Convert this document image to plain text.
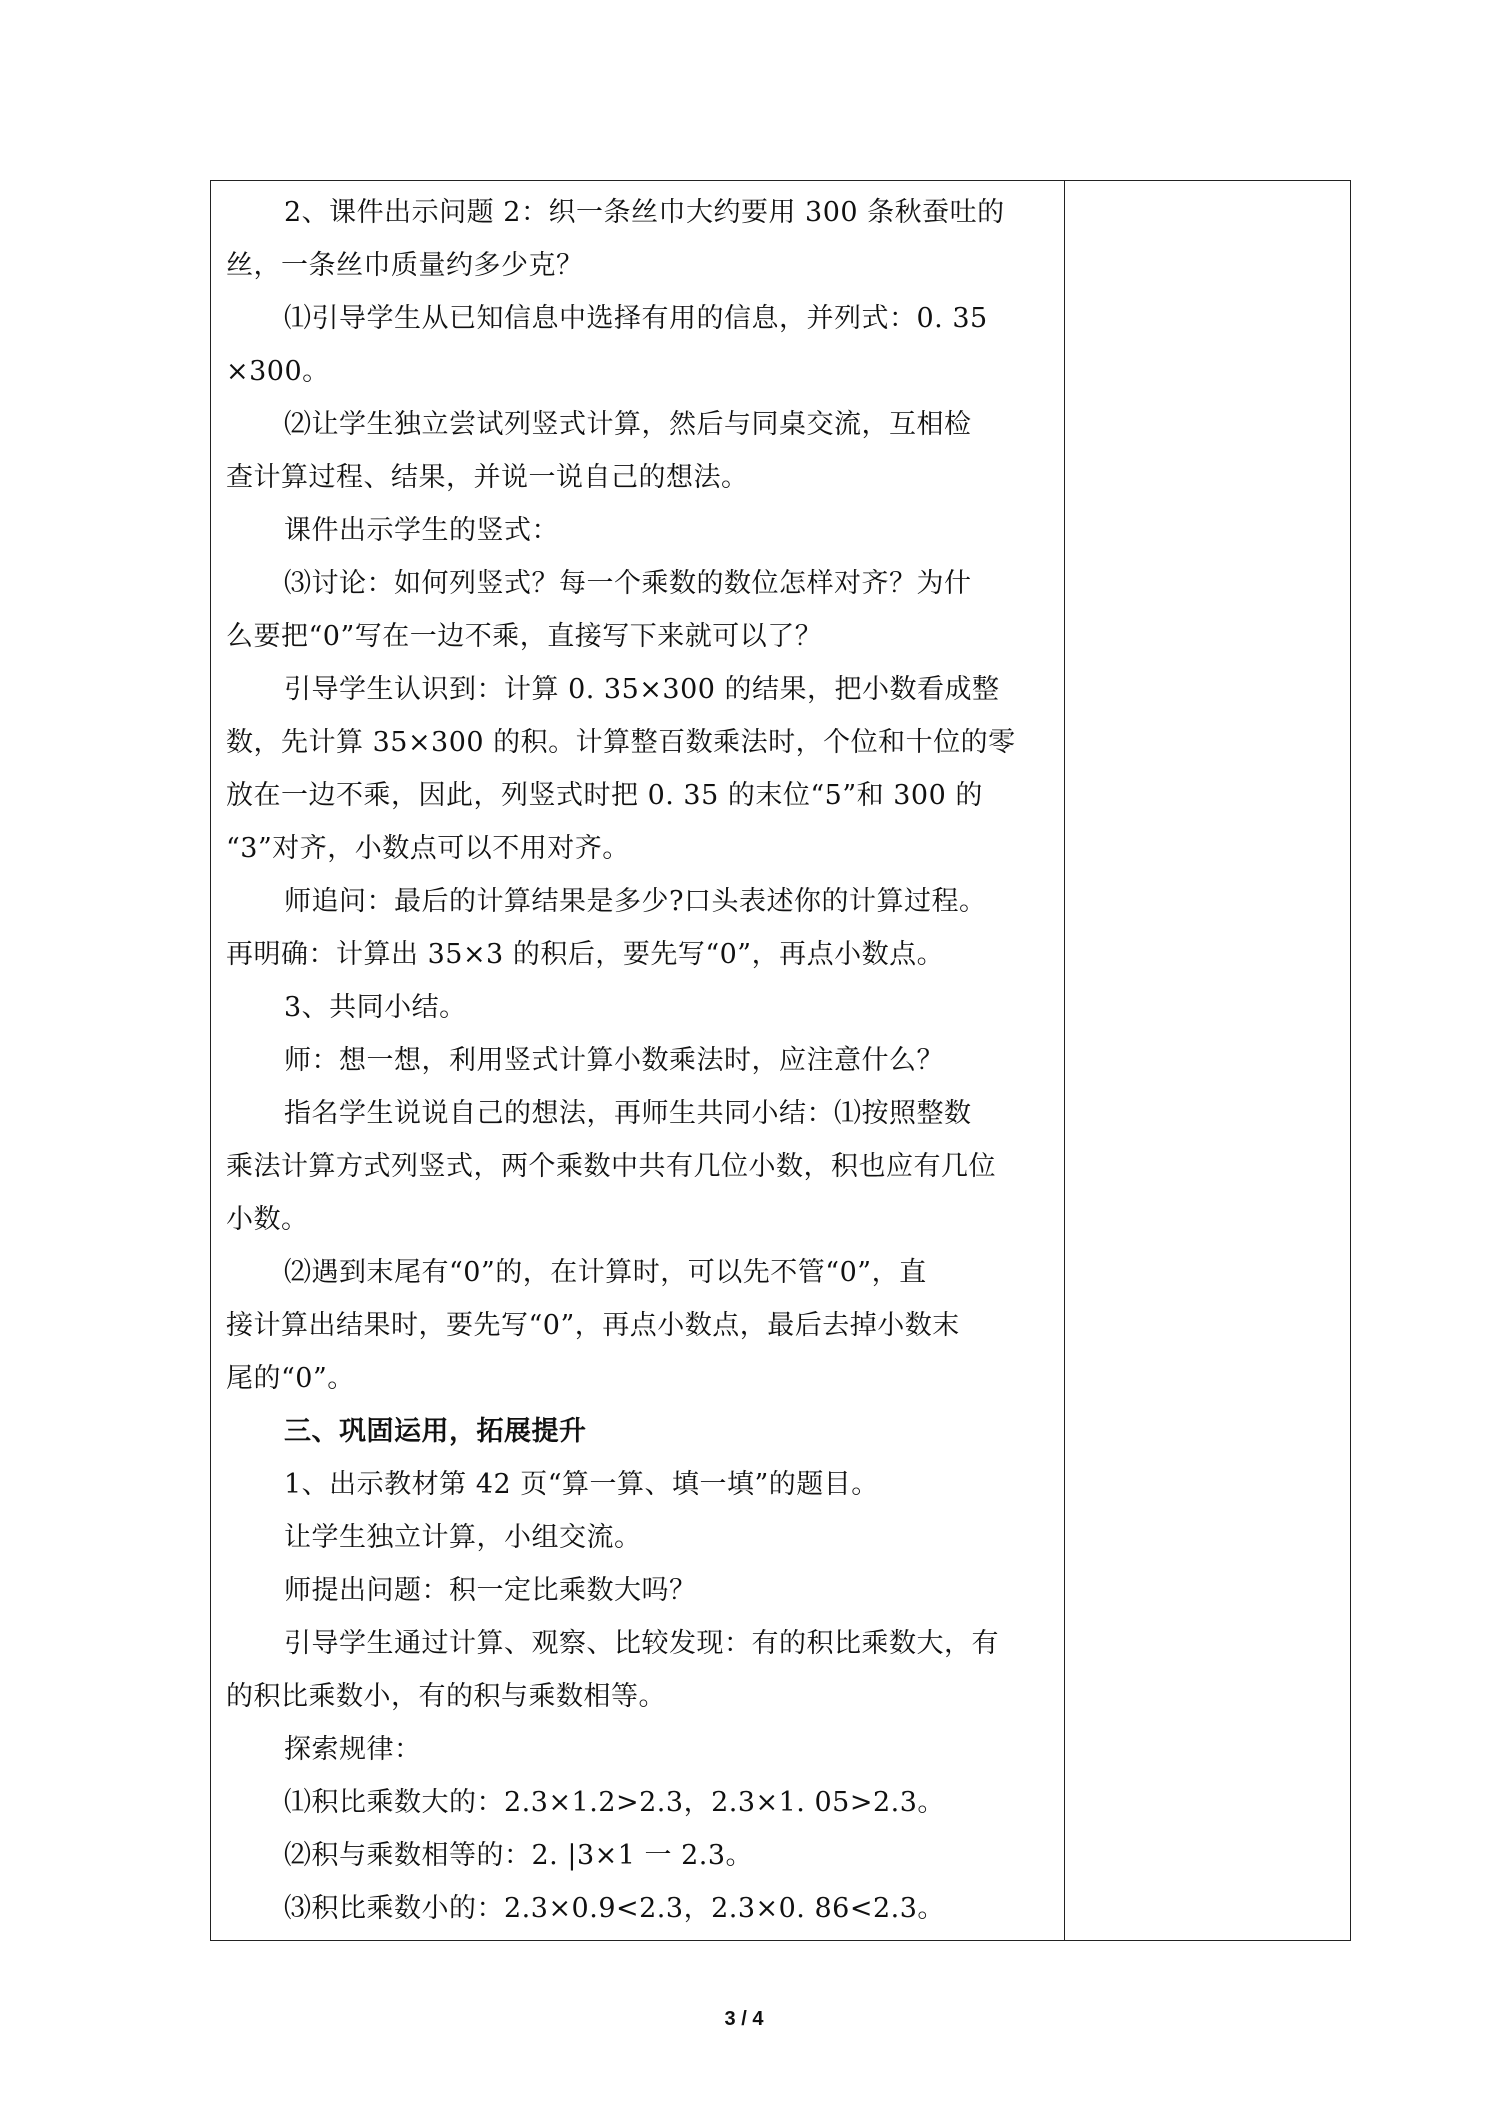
2、课件出示问题 2：织一条丝巾大约要用 300 条秋蚕吐的

丝，一条丝巾质量约多少克？

⑴引导学生从已知信息中选择有用的信息，并列式：0. 35

×300。

⑵让学生独立尝试列竖式计算，然后与同桌交流，互相检

查计算过程、结果，并说一说自己的想法。

课件出示学生的竖式：

⑶讨论：如何列竖式？每一个乘数的数位怎样对齐？为什

么要把“0”写在一边不乘，直接写下来就可以了？

引导学生认识到：计算 0. 35×300 的结果，把小数看成整

数，先计算 35×300 的积。计算整百数乘法时，个位和十位的零

放在一边不乘，因此，列竖式时把 0. 35 的末位“5”和 300 的

“3”对齐，小数点可以不用对齐。

师追问：最后的计算结果是多少?口头表述你的计算过程。

再明确：计算出 35×3 的积后，要先写“0”，再点小数点。

3、共同小结。

师：想一想，利用竖式计算小数乘法时，应注意什么？

指名学生说说自己的想法，再师生共同小结：⑴按照整数

乘法计算方式列竖式，两个乘数中共有几位小数，积也应有几位

小数。

⑵遇到末尾有“0”的，在计算时，可以先不管“0”，直

接计算出结果时，要先写“0”，再点小数点，最后去掉小数末

尾的“0”。

三、巩固运用，拓展提升

1、出示教材第 42 页“算一算、填一填”的题目。

让学生独立计算，小组交流。

师提出问题：积一定比乘数大吗？

引导学生通过计算、观察、比较发现：有的积比乘数大，有

的积比乘数小，有的积与乘数相等。

探索规律：

⑴积比乘数大的：2.3×1.2>2.3，2.3×1. 05>2.3。

⑵积与乘数相等的：2. |3×1 一 2.3。

⑶积比乘数小的：2.3×0.9<2.3，2.3×0. 86<2.3。

3 / 4
